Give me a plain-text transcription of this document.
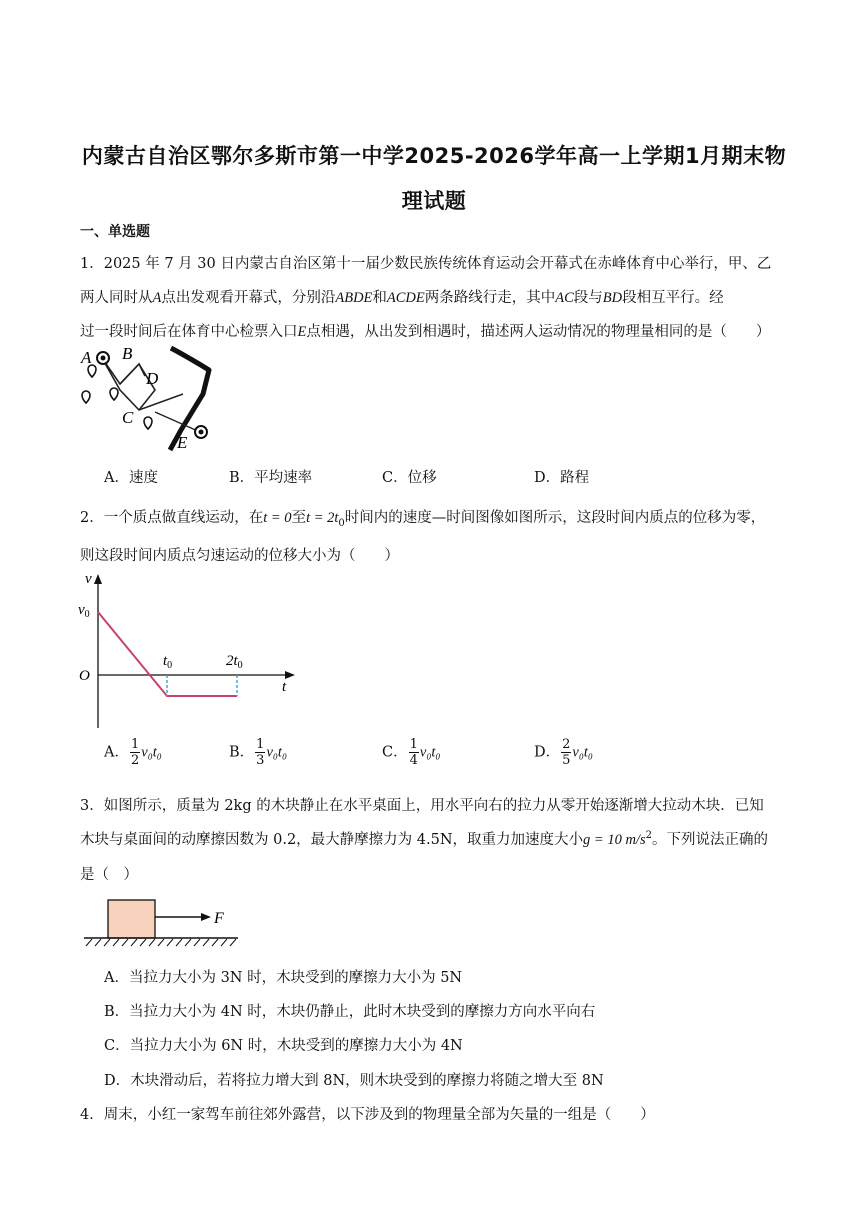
内蒙古自治区鄂尔多斯市第一中学2025-2026学年高一上学期1月期末物
理试题
一、单选题
1．2025 年 7 月 30 日内蒙古自治区第十一届少数民族传统体育运动会开幕式在赤峰体育中心举行，甲、乙
两人同时从A点出发观看开幕式，分别沿ABDE和ACDE两条路线行走，其中AC段与BD段相互平行。经
过一段时间后在体育中心检票入口E点相遇，从出发到相遇时，描述两人运动情况的物理量相同的是（　　）
A B
D
C
E
A．速度	B．平均速率	C．位移	D．路程
2．一个质点做直线运动，在t = 0至$t = 2t_0$时间内的速度—时间图像如图所示，这段时间内质点的位移为零，
则这段时间内质点匀速运动的位移大小为（　　）
v
$v_0$
O
$t_0$	$2t_0$
t
A． $\frac{1}{2} v_0t_0$	B． $\frac{1}{3} v_0t_0$	C． $\frac{1}{4} v_0t_0$	D． $\frac{2}{5} v_0t_0$
3．如图所示，质量为 2kg 的木块静止在水平桌面上，用水平向右的拉力从零开始逐渐增大拉动木块．已知
木块与桌面间的动摩擦因数为 0.2，最大静摩擦力为 4.5N，取重力加速度大小g = 10 $m/s^2$。下列说法正确的
是（　）
F
A．当拉力大小为 3N 时，木块受到的摩擦力大小为 5N
B．当拉力大小为 4N 时，木块仍静止，此时木块受到的摩擦力方向水平向右
C．当拉力大小为 6N 时，木块受到的摩擦力大小为 4N
D．木块滑动后，若将拉力增大到 8N，则木块受到的摩擦力将随之增大至 8N
4．周末，小红一家驾车前往郊外露营，以下涉及到的物理量全部为矢量的一组是（　　）
